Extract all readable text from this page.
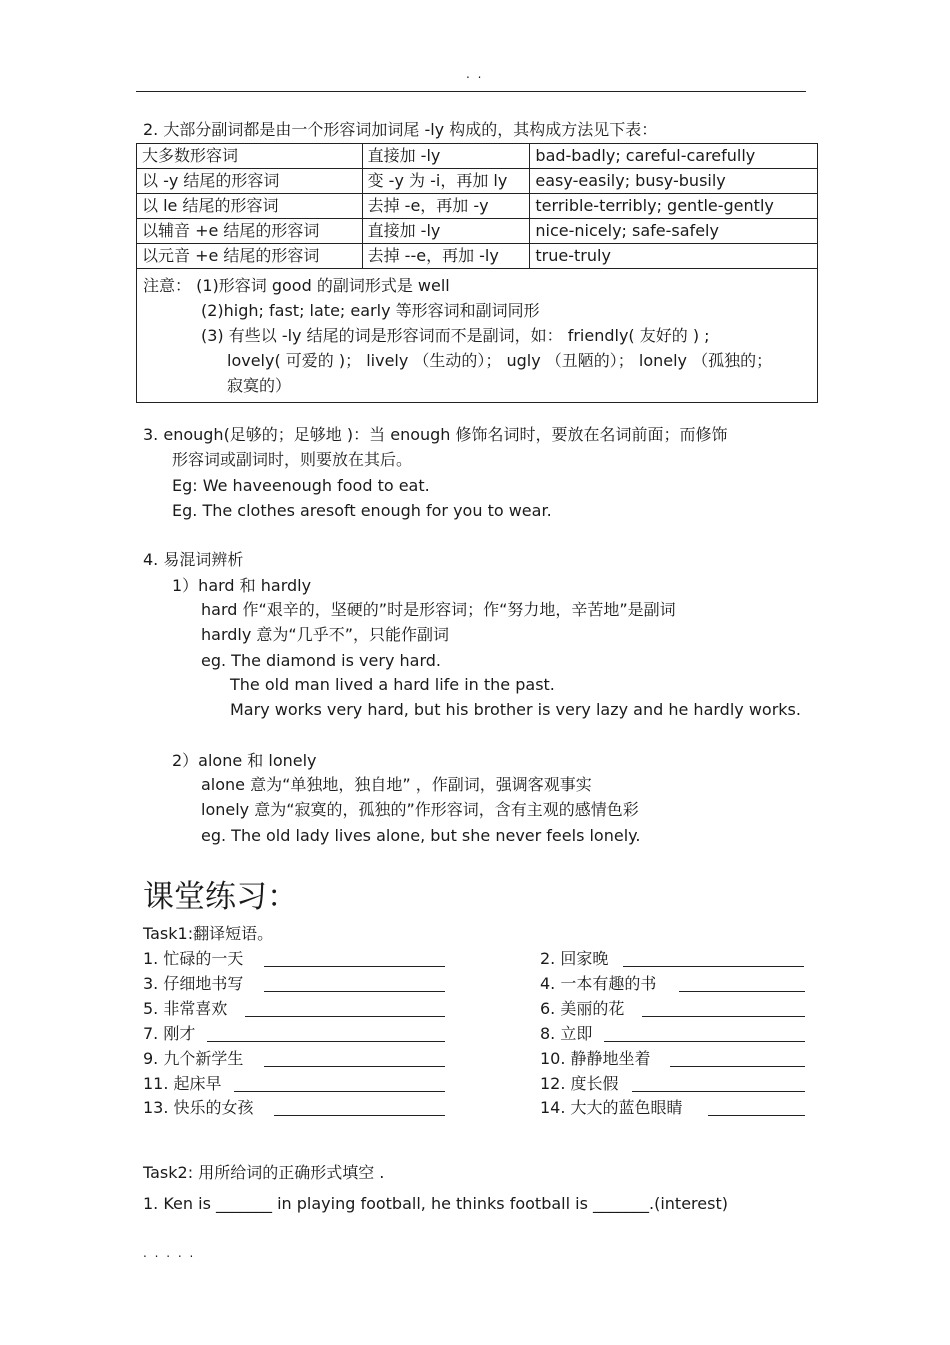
. .
2. 大部分副词都是由一个形容词加词尾 -ly 构成的，其构成方法见下表：
大多数形容词	直接加 -ly	bad-badly; careful-carefully
以 -y 结尾的形容词	变 -y 为 -i，再加 ly	easy-easily; busy-busily
以 le 结尾的形容词	去掉 -e，再加 -y	terrible-terribly; gentle-gently
以辅音 +e 结尾的形容词	直接加 -ly	nice-nicely; safe-safely
以元音 +e 结尾的形容词	去掉 --e，再加 -ly	true-truly

注意： (1)形容词 good 的副词形式是 well
(2)high; fast; late; early 等形容词和副词同形
(3) 有些以 -ly 结尾的词是形容词而不是副词，如： friendly( 友好的 ) ;
lovely( 可爱的 )； lively （生动的）； ugly （丑陋的）； lonely （孤独的；
寂寞的）		
3. enough(足够的；足够地 )：当 enough 修饰名词时，要放在名词前面；而修饰
形容词或副词时，则要放在其后。
Eg: We haveenough food to eat.
Eg. The clothes aresoft enough for you to wear.
4. 易混词辨析
1）hard 和 hardly
hard 作“艰辛的，坚硬的”时是形容词；作“努力地，辛苦地”是副词
hardly 意为“几乎不”，只能作副词
eg. The diamond is very hard.
The old man lived a hard life in the past.
Mary works very hard, but his brother is very lazy and he hardly works.
2）alone 和 lonely
alone 意为“单独地，独自地” ，作副词，强调客观事实
lonely 意为“寂寞的，孤独的”作形容词，含有主观的感情色彩
eg. The old lady lives alone, but she never feels lonely.
课堂练习：
Task1:翻译短语。
1. 忙碌的一天
3. 仔细地书写
5. 非常喜欢
7. 刚才
9. 九个新学生
11. 起床早
13. 快乐的女孩
2. 回家晚
4. 一本有趣的书
6. 美丽的花
8. 立即
10. 静静地坐着
12. 度长假
14. 大大的蓝色眼睛
Task2: 用所给词的正确形式填空 .
1. Ken is _______ in playing football, he thinks football is _______.(interest)
. . . . .
